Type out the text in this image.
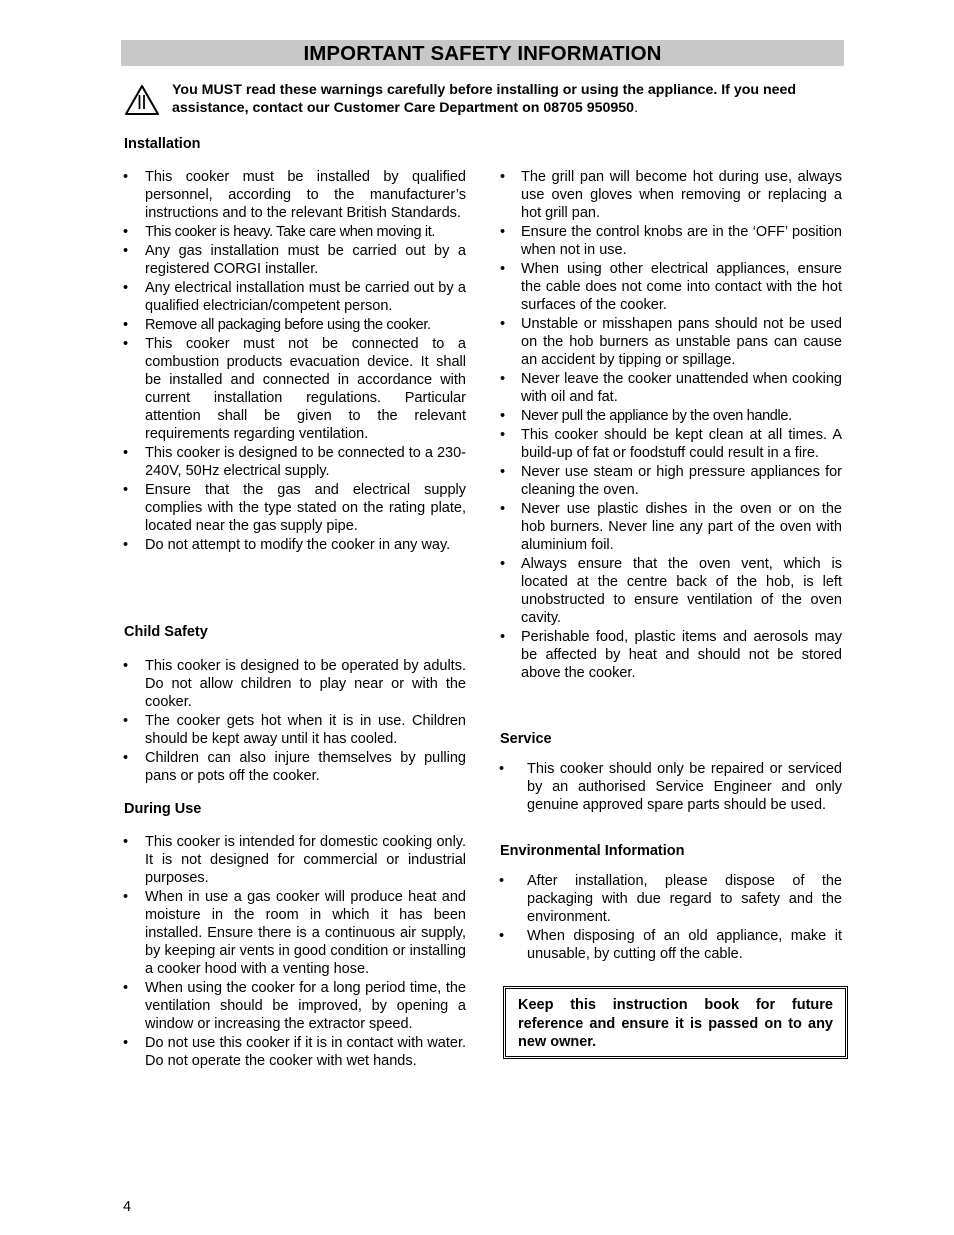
IMPORTANT SAFETY INFORMATION

You MUST read these warnings carefully before installing or using the appliance. If you need assistance, contact our Customer Care Department on 08705 950950.

Installation
• This cooker must be installed by qualified personnel, according to the manufacturer’s instructions and to the relevant British Standards.
• This cooker is heavy. Take care when moving it.
• Any gas installation must be carried out by a registered CORGI installer.
• Any electrical installation must be carried out by a qualified electrician/competent person.
• Remove all packaging before using the cooker.
• This cooker must not be connected to a combustion products evacuation device. It shall be installed and connected in accordance with current installation regulations. Particular attention shall be given to the relevant requirements regarding ventilation.
• This cooker is designed to be connected to a 230-240V, 50Hz electrical supply.
• Ensure that the gas and electrical supply complies with the type stated on the rating plate, located near the gas supply pipe.
• Do not attempt to modify the cooker in any way.
Child Safety
• This cooker is designed to be operated by adults. Do not allow children to play near or with the cooker.
• The cooker gets hot when it is in use. Children should be kept away until it has cooled.
• Children can also injure themselves by pulling pans or pots off the cooker.
During Use
• This cooker is intended for domestic cooking only. It is not designed for commercial or industrial purposes.
• When in use a gas cooker will produce heat and moisture in the room in which it has been installed. Ensure there is a continuous air supply, by keeping air vents in good condition or installing a cooker hood with a venting hose.
• When using the cooker for a long period time, the ventilation should be improved, by opening a window or increasing the extractor speed.
• Do not use this cooker if it is in contact with water. Do not operate the cooker with wet hands.
• The grill pan will become hot during use, always use oven gloves when removing or replacing a hot grill pan.
• Ensure the control knobs are in the ‘OFF’ position when not in use.
• When using other electrical appliances, ensure the cable does not come into contact with the hot surfaces of the cooker.
• Unstable or misshapen pans should not be used on the hob burners as unstable pans can cause an accident by tipping or spillage.
• Never leave the cooker unattended when cooking with oil and fat.
• Never pull the appliance by the oven handle.
• This cooker should be kept clean at all times. A build-up of fat or foodstuff could result in a fire.
• Never use steam or high pressure appliances for cleaning the oven.
• Never use plastic dishes in the oven or on the hob burners. Never line any part of the oven with aluminium foil.
• Always ensure that the oven vent, which is located at the centre back of the hob, is left unobstructed to ensure ventilation of the oven cavity.
• Perishable food, plastic items and aerosols may be affected by heat and should not be stored above the cooker.
Service
• This cooker should only be repaired or serviced by an authorised Service Engineer and only genuine approved spare parts should be used.
Environmental Information
• After installation, please dispose of the packaging with due regard to safety and the environment.
• When disposing of an old appliance, make it unusable, by cutting off the cable.

Keep this instruction book for future reference and ensure it is passed on to any new owner.

4
